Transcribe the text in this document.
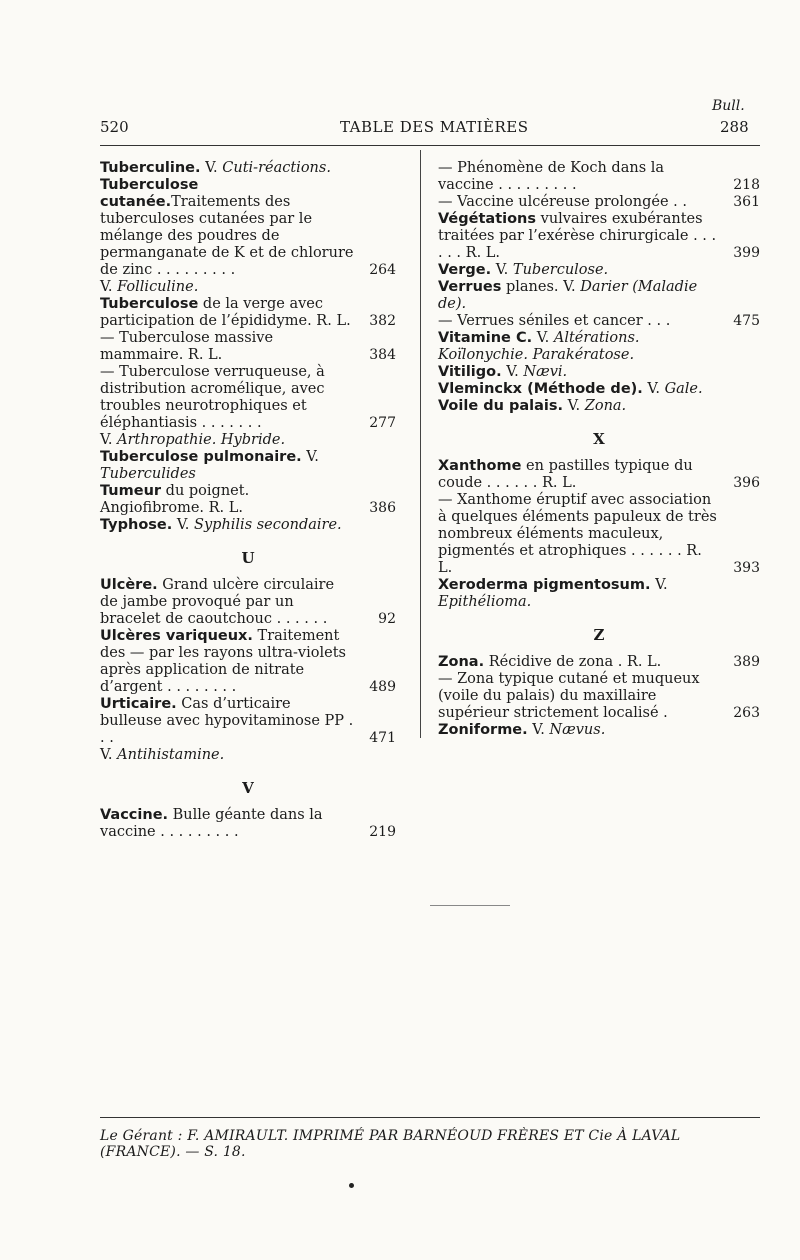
520	TABLE DES MATIÈRES
Bull.
288
Tuberculine. V. Cuti-réactions.
Tuberculose cutanée.Traitements des tuberculoses cutanées par le mélange des poudres de permanganate de K et de chlorure de zinc . . . . . . . . .	264
V. Folliculine.
Tuberculose de la verge avec participation de l’épididyme. R. L. 382
— Tuberculose massive mammaire. R. L.	384
— Tuberculose verruqueuse, à distribution acromélique, avec troubles neurotrophiques et éléphantiasis . . . . . . .	277
V. Arthropathie. Hybride.
Tuberculose pulmonaire. V. Tuberculides
Tumeur du poignet. Angiofibrome. R. L.	386
Typhose. V. Syphilis secondaire.
U
Ulcère. Grand ulcère circulaire de jambe provoqué par un bracelet de caoutchouc . . . . . .	92
Ulcères variqueux. Traitement des — par les rayons ultra-violets après application de nitrate d’argent . . . . . . . .	489
Urticaire. Cas d’urticaire bulleuse avec hypovitaminose PP . . .	471
V. Antihistamine.
V
Vaccine. Bulle géante dans la vaccine . . . . . . . . .	219
— Phénomène de Koch dans la vaccine . . . . . . . . .	218
— Vaccine ulcéreuse prolongée . .	361
Végétations vulvaires exubérantes traitées par l’exérèse chirurgicale . . . . . . R. L.	399
Verge. V. Tuberculose.
Verrues planes. V. Darier (Maladie de).
— Verrues séniles et cancer . . .	475
Vitamine C. V. Altérations. Koïlonychie. Parakératose.
Vitiligo. V. Nævi.
Vleminckx (Méthode de). V. Gale.
Voile du palais. V. Zona.
X
Xanthome en pastilles typique du coude . . . . . . R. L.	396
— Xanthome éruptif avec association à quelques éléments papuleux de très nombreux éléments maculeux, pigmentés et atrophiques . . . . . . R. L.	393
Xeroderma pigmentosum. V. Epithélioma.
Z
Zona. Récidive de zona . R. L.	389
— Zona typique cutané et muqueux (voile du palais) du maxillaire supérieur strictement localisé .	263
Zoniforme. V. Nævus.
Le Gérant : F. AMIRAULT. IMPRIMÉ PAR BARNÉOUD FRÈRES ET Cie À LAVAL (FRANCE). — S. 18.
